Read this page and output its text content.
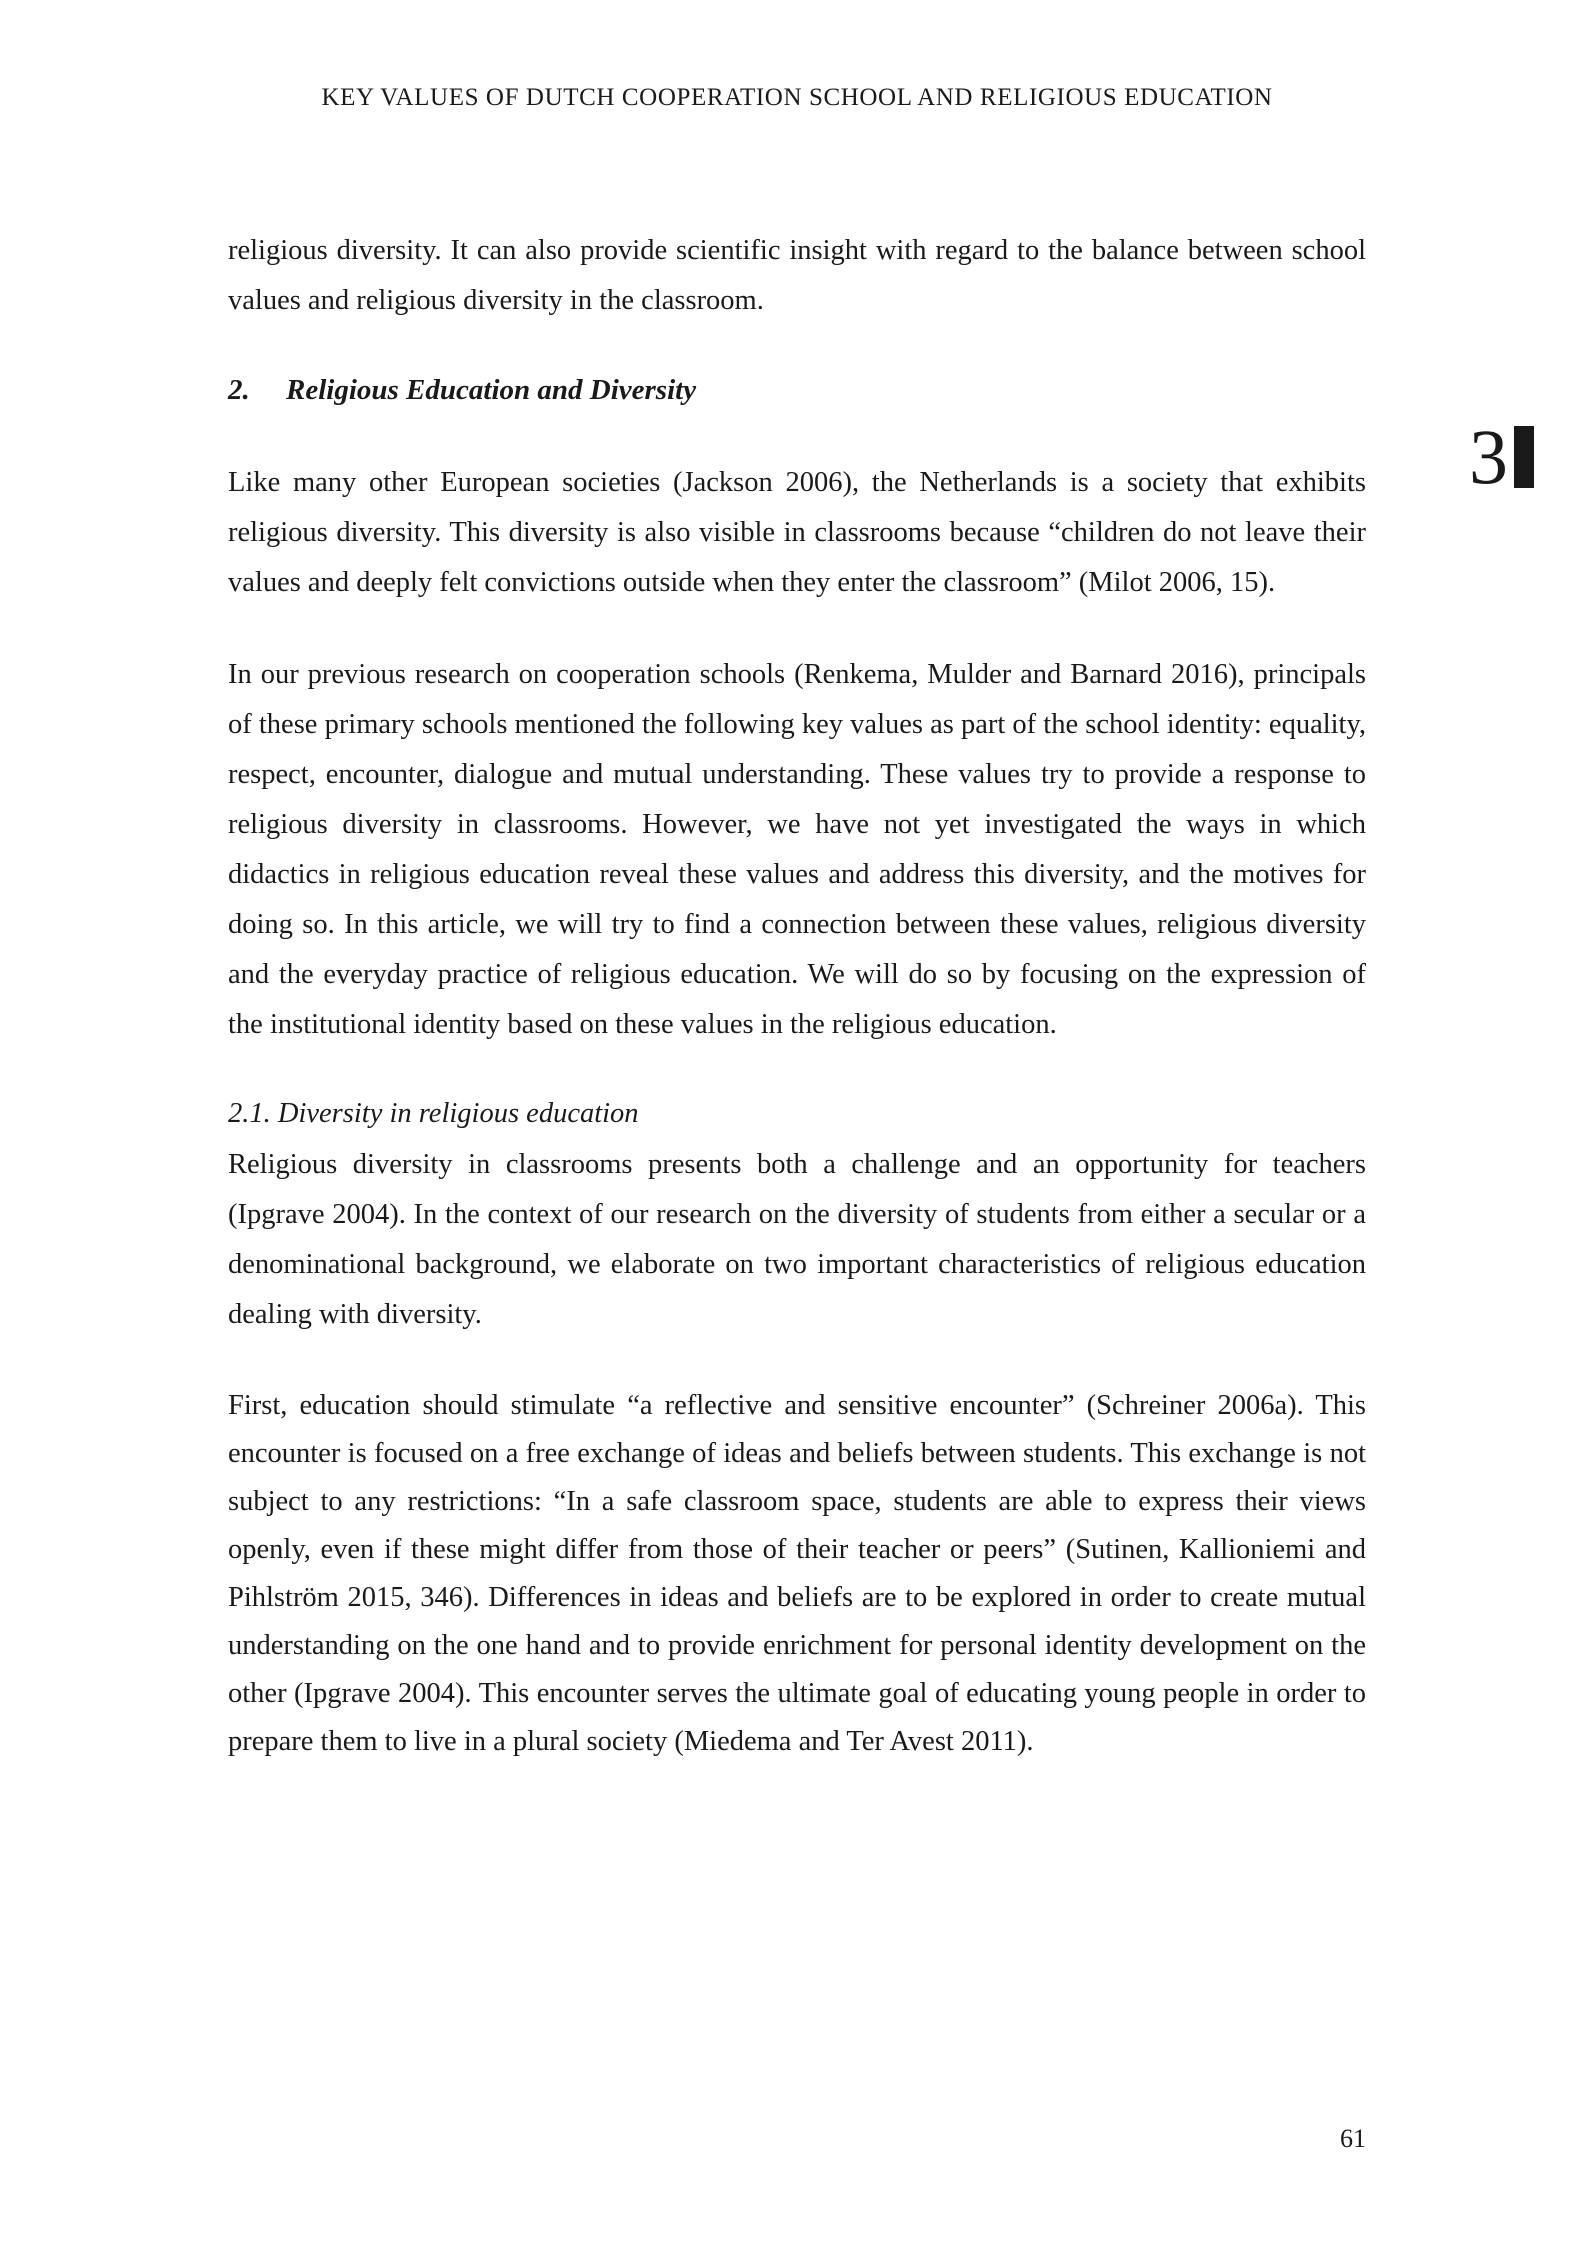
KEY VALUES OF DUTCH COOPERATION SCHOOL AND RELIGIOUS EDUCATION
3

religious diversity. It can also provide scientific insight with regard to the balance between school values and religious diversity in the classroom.

2. Religious Education and Diversity

Like many other European societies (Jackson 2006), the Netherlands is a society that exhibits religious diversity. This diversity is also visible in classrooms because “children do not leave their values and deeply felt convictions outside when they enter the classroom” (Milot 2006, 15).

In our previous research on cooperation schools (Renkema, Mulder and Barnard 2016), principals of these primary schools mentioned the following key values as part of the school identity: equality, respect, encounter, dialogue and mutual understanding. These values try to provide a response to religious diversity in classrooms. However, we have not yet investigated the ways in which didactics in religious education reveal these values and address this diversity, and the motives for doing so. In this article, we will try to find a connection between these values, religious diversity and the everyday practice of religious education. We will do so by focusing on the expression of the institutional identity based on these values in the religious education.

2.1. Diversity in religious education

Religious diversity in classrooms presents both a challenge and an opportunity for teachers (Ipgrave 2004). In the context of our research on the diversity of students from either a secular or a denominational background, we elaborate on two important characteristics of religious education dealing with diversity.

First, education should stimulate “a reflective and sensitive encounter” (Schreiner 2006a). This encounter is focused on a free exchange of ideas and beliefs between students. This exchange is not subject to any restrictions: “In a safe classroom space, students are able to express their views openly, even if these might differ from those of their teacher or peers” (Sutinen, Kallioniemi and Pihlström 2015, 346). Differences in ideas and beliefs are to be explored in order to create mutual understanding on the one hand and to provide enrichment for personal identity development on the other (Ipgrave 2004). This encounter serves the ultimate goal of educating young people in order to prepare them to live in a plural society (Miedema and Ter Avest 2011).

61
